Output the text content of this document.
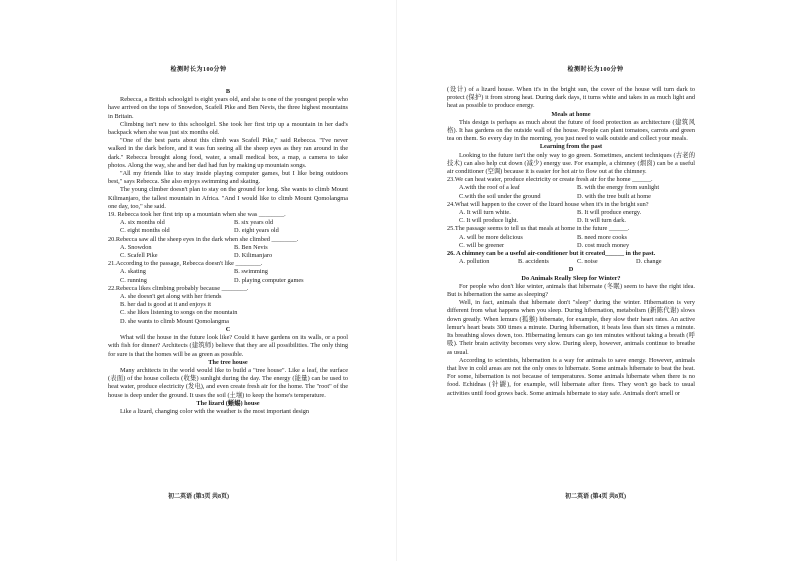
检测时长为100分钟

B

Rebecca, a British schoolgirl is eight years old, and she is one of the youngest people who have arrived on the tops of Snowdon, Scafell Pike and Ben Nevis, the three highest mountains in Britain.

Climbing isn't new to this schoolgirl. She took her first trip up a mountain in her dad's backpack when she was just six months old.

"One of the best parts about this climb was Scafell Pike," said Rebecca. "I've never walked in the dark before, and it was fun seeing all the sheep eyes as they ran around in the dark." Rebecca brought along food, water, a small medical box, a map, a camera to take photos. Along the way, she and her dad had fun by making up mountain songs.

"All my friends like to stay inside playing computer games, but I like being outdoors best," says Rebecca. She also enjoys swimming and skating.

The young climber doesn't plan to stay on the ground for long. She wants to climb Mount Kilimanjaro, the tallest mountain in Africa. "And I would like to climb Mount Qomolangma one day, too," she said.

19. Rebecca took her first trip up a mountain when she was ________.

A. six months old	B. six years old
C. eight months old	D. eight years old

20.Rebecca saw all the sheep eyes in the dark when she climbed ________.

A. Snowdon	B. Ben Nevis
C. Scafell Pike	D. Kilimanjaro

21.According to the passage, Rebecca doesn't like ________.

A. skating	B. swimming
C. running	D. playing computer games

22.Rebecca likes climbing probably because ________.

A. she doesn't get along with her friends

B. her dad is good at it and enjoys it

C. she likes listening to songs on the mountain

D. she wants to climb Mount Qomolangma

C

What will the house in the future look like? Could it have gardens on its walls, or a pool with fish for dinner? Architects (建筑师) believe that they are all possibilities. The only thing for sure is that the homes will be as green as possible.

The tree house

Many architects in the world would like to build a "tree house". Like a leaf, the surface (表面) of the house collects (收集) sunlight during the day. The energy (能量) can be used to heat water, produce electricity (发电), and even create fresh air for the home. The "root" of the house is deep under the ground. It uses the soil (土壤) to keep the home's temperature.

The lizard (蜥蜴) house

Like a lizard, changing color with the weather is the most important design

初二英语 (第3页 共8页)
检测时长为100分钟

(设计) of a lizard house. When it's in the bright sun, the cover of the house will turn dark to protect (保护) it from strong heat. During dark days, it turns white and takes in as much light and heat as possible to produce energy.

Meals at home

This design is perhaps as much about the future of food protection as architecture (建筑风格). It has gardens on the outside wall of the house. People can plant tomatoes, carrots and green tea on them. So every day in the morning, you just need to walk outside and collect your meals.

Learning from the past

Looking to the future isn't the only way to go green. Sometimes, ancient techniques (古老的技术) can also help cut down (减少) energy use. For example, a chimney (烟囱) can be a useful air conditioner (空调) because it is easier for hot air to flow out at the chimney.

23.We can heat water, produce electricity or create fresh air for the home ______.

A.with the roof of a leaf	B. with the energy from sunlight
C.with the soil under the ground	D. with the tree built at home

24.What will happen to the cover of the lizard house when it's in the bright sun?

A. It will turn white.	B. It will produce energy.
C. It will produce light.	D. It will turn dark.

25.The passage seems to tell us that meals at home in the future ______.

A. will be more delicious	B. need more cooks
C. will be greener	D. cost much money

26. A chimney can be a useful air-conditioner but it created______ in the past.

A. pollution	B. accidents	C. noise	D. change

D

Do Animals Really Sleep for Winter?

For people who don't like winter, animals that hibernate (冬眠) seem to have the right idea. But is hibernation the same as sleeping?

Well, in fact, animals that hibernate don't "sleep" during the winter. Hibernation is very different from what happens when you sleep. During hibernation, metabolism (新陈代谢) slows down greatly. When lemurs (狐猴) hibernate, for example, they slow their heart rates. An active lemur's heart beats 300 times a minute. During hibernation, it beats less than six times a minute. Its breathing slows down, too. Hibernating lemurs can go ten minutes without taking a breath (呼吸). Their brain activity becomes very slow. During sleep, however, animals continue to breathe as usual.

According to scientists, hibernation is a way for animals to save energy. However, animals that live in cold areas are not the only ones to hibernate. Some animals hibernate to beat the heat. For some, hibernation is not because of temperatures. Some animals hibernate when there is no food. Echidnas (针鼹), for example, will hibernate after fires. They won't go back to usual activities until food grows back. Some animals hibernate to stay safe. Animals don't smell or

初二英语 (第4页 共8页)
